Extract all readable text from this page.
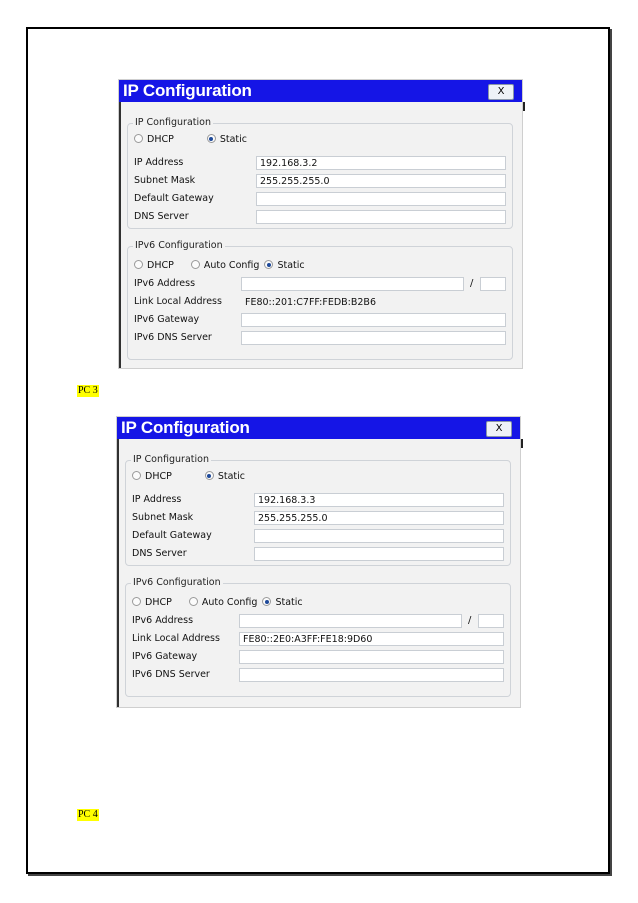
IP Configuration	X
IP Configuration
DHCP	Static
IP Address	192.168.3.2
Subnet Mask	255.255.255.0
Default Gateway
DNS Server
IPv6 Configuration
DHCP	Auto Config Static
IPv6 Address	/
Link Local Address	FE80::201:C7FF:FEDB:B2B6
IPv6 Gateway
IPv6 DNS Server
PC 3
IP Configuration	X
IP Configuration
DHCP	Static
IP Address	192.168.3.3
Subnet Mask	255.255.255.0
Default Gateway
DNS Server
IPv6 Configuration
DHCP	Auto Config Static
IPv6 Address	/
Link Local Address	FE80::2E0:A3FF:FE18:9D60
IPv6 Gateway
IPv6 DNS Server
PC 4
